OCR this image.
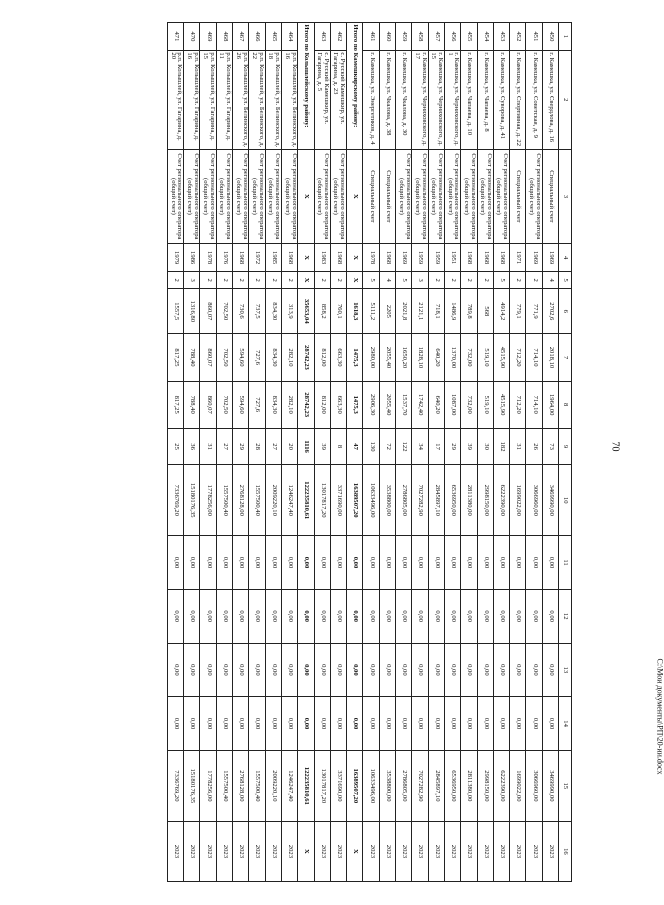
70
C:\Мои документы\РП\20-ии.docx
1	2	3	4	5	6	7	8	9	10	11	12	13	14	15	16
450	г. Камешка, ул. Свердлова, д. 16	Специальный счет	1969	4	2702,6	2018,10	1964,00	73	3469990,00	0,00	0,00	0,00	0,00	3469990,00	2023
451	г. Камешка, ул. Советская, д. 9	Счет регионального оператора (общий счет)	1969	2	771,9	714,10	714,10	26	3066960,00	0,00	0,00	0,00	0,00	3066960,00	2023
452	г. Камешка, ул. Спортивная, д. 22	Специальный счет	1971	2	779,1	712,20	712,20	31	1699022,00	0,00	0,00	0,00	0,00	1699022,00	2023
453	г. Камешка, ул. Суворова, д. 41	Счет регионального оператора (общий счет)	1968	5	4914,2	4515,90	4515,90	182	6222390,00	0,00	0,00	0,00	0,00	6222390,00	2023
454	г. Камешка, ул. Чапаева, д. 8	Счет регионального оператора (общий счет)	1968	2	568	519,10	519,10	30	2998150,00	0,00	0,00	0,00	0,00	2998150,00	2023
455	г. Камешка, ул. Чапаева, д. 10	Счет регионального оператора (общий счет)	1968	2	789,8	732,00	732,00	39	2811380,00	0,00	0,00	0,00	0,00	2811380,00	2023
456	г. Камешка, ул. Черняховского, д. 1	Счет регионального оператора (общий счет)	1951	2	1486,9	1370,00	1087,00	29	6536950,00	0,00	0,00	0,00	0,00	6536950,00	2023
457	г. Камешка, ул. Черняховского, д. 15	Счет регионального оператора (общий счет)	1959	2	718,1	640,20	640,20	17	2845897,10	0,00	0,00	0,00	0,00	2845897,10	2023
458	г. Камешка, ул. Черняховского, д. 17	Счет регионального оператора (общий счет)	1959	3	2121,1	1828,10	1742,40	34	7027282,90	0,00	0,00	0,00	0,00	7027282,90	2023
459	г. Камешка, ул. Чкалова, д. 30	Счет регионального оператора (общий счет)	1969	5	2021,8	1650,20	1537,70	122	2786805,00	0,00	0,00	0,00	0,00	2786805,00	2023
460	г. Камешка, ул. Чкалова, д. 38	Специальный счет	1968	4	2205	2055,40	2055,40	72	3538800,00	0,00	0,00	0,00	0,00	3538800,00	2023
461	г. Камешка, ул. Энергетиков, д. 4	Специальный счет	1978	5	5111,2	2980,00	2906,30	130	10633496,00	0,00	0,00	0,00	0,00	10633496,00	2023
Итого по Камешкирскому району:		X	X	X	1618,3	1475,3	1475,3	47	16389507,20	0,00	0,00	0,00	0,00	16389507,20	X
462	с. Русский Камешкир, ул. Гагарина, д. 23	Счет регионального оператора (общий счет)	1968	2	760,1	663,30	663,30	8	3371690,00	0,00	0,00	0,00	0,00	3371690,00	2023
463	с. Русский Камешкир, ул. Гагарина, д. 5	Счет регионального оператора (общий счет)	1983	2	858,2	812,00	812,00	39	13017817,20	0,00	0,00	0,00	0,00	13017817,20	2023
Итого по Колышлейскому району:		X	X	X	35653,04	28742,23	28742,23	1116	122235810,61	0,00	0,00	0,00	0,00	122235810,61	X
464	р.п. Колышлей, ул. Белинского, д. 16	Счет регионального оператора (общий счет)	1968	2	313,9	282,10	282,10	20	1246247,40	0,00	0,00	0,00	0,00	1246247,40	2023
465	р.п. Колышлей, ул. Белинского, д. 18	Счет регионального оператора (общий счет)	1985	2	834,30	834,30	834,30	27	2009220,10	0,00	0,00	0,00	0,00	2009220,10	2023
466	р.п. Колышлей, ул. Белинского, д. 22	Счет регионального оператора (общий счет)	1972	2	737,5	727,6	727,6	28	1557500,40	0,00	0,00	0,00	0,00	1557500,40	2023
467	р.п. Колышлей, ул. Белинского, д. 26	Счет регионального оператора (общий счет)	1968	2	730,6	594,60	594,60	29	2768128,00	0,00	0,00	0,00	0,00	2768128,00	2023
468	р.п. Колышлей, ул. Гагарина, д. 11	Счет регионального оператора (общий счет)	1976	2	702,50	702,50	702,50	27	1557500,40	0,00	0,00	0,00	0,00	1557500,40	2023
469	р.п. Колышлей, ул. Гагарина, д. 15	Счет регионального оператора (общий счет)	1978	2	860,07	860,07	860,07	31	1778256,00	0,00	0,00	0,00	0,00	1778256,00	2023
470	р.п. Колышлей, ул. Гагарина, д. 16	Счет регионального оператора (общий счет)	1986	3	1316,80	788,40	788,40	36	15180176,35	0,00	0,00	0,00	0,00	15180176,35	2023
471	р.п. Колышлей, ул. Гагарина, д. 20	Счет регионального оператора (общий счет)	1979	2	1557,5	817,25	817,25	25	7336769,20	0,00	0,00	0,00	0,00	7336769,20	2023
